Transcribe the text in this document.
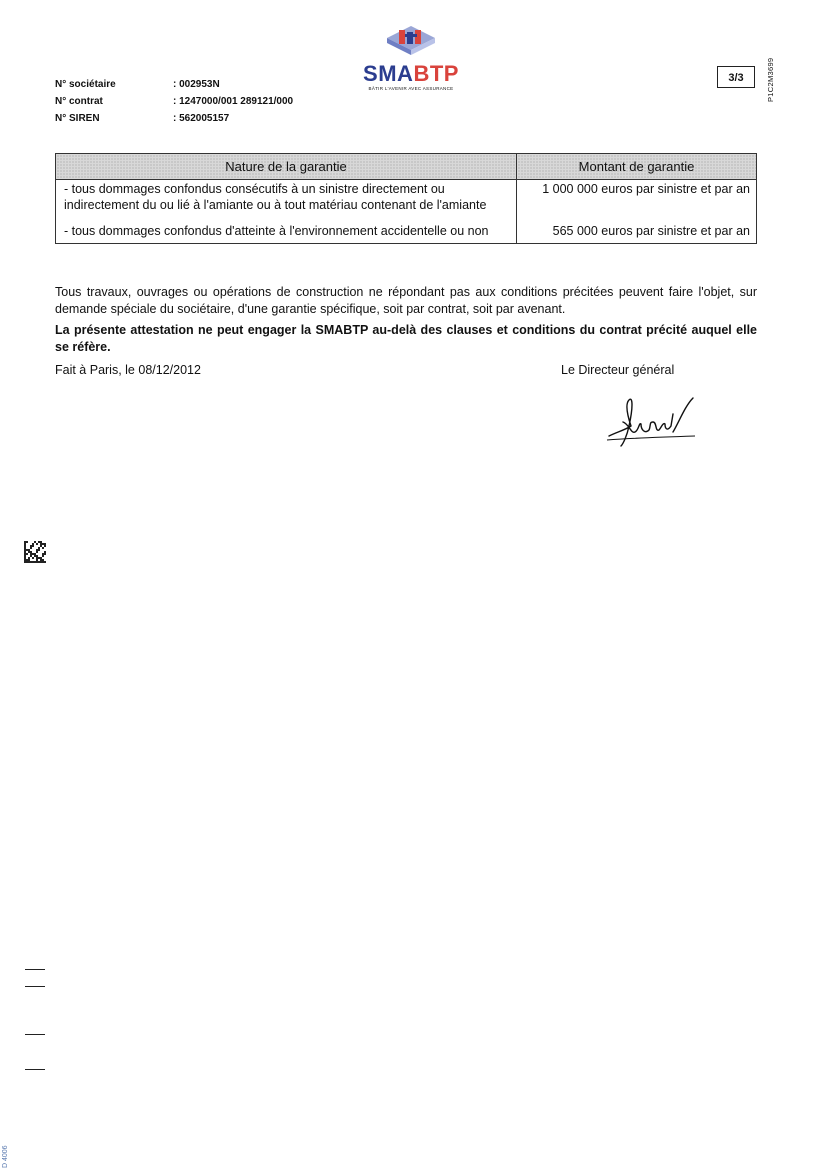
N° sociétaire	: 002953N
N° contrat	: 1247000/001 289121/000
N° SIREN	: 562005157
SMABTP
BÂTIR L'AVENIR AVEC ASSURANCE
3/3	P1C2M3699
Nature de la garantie	Montant de garantie
- tous dommages confondus consécutifs à un sinistre directement ou indirectement du ou lié à l'amiante ou à tout matériau contenant de l'amiante	1 000 000 euros par sinistre et par an
- tous dommages confondus d'atteinte à l'environnement accidentelle ou non	565 000 euros par sinistre et par an
Tous travaux, ouvrages ou opérations de construction ne répondant pas aux conditions précitées peuvent faire l'objet, sur demande spéciale du sociétaire, d'une garantie spécifique, soit par contrat, soit par avenant.
La présente attestation ne peut engager la SMABTP au-delà des clauses et conditions du contrat précité auquel elle se réfère.
Fait à Paris, le 08/12/2012	Le Directeur général
D 4006
